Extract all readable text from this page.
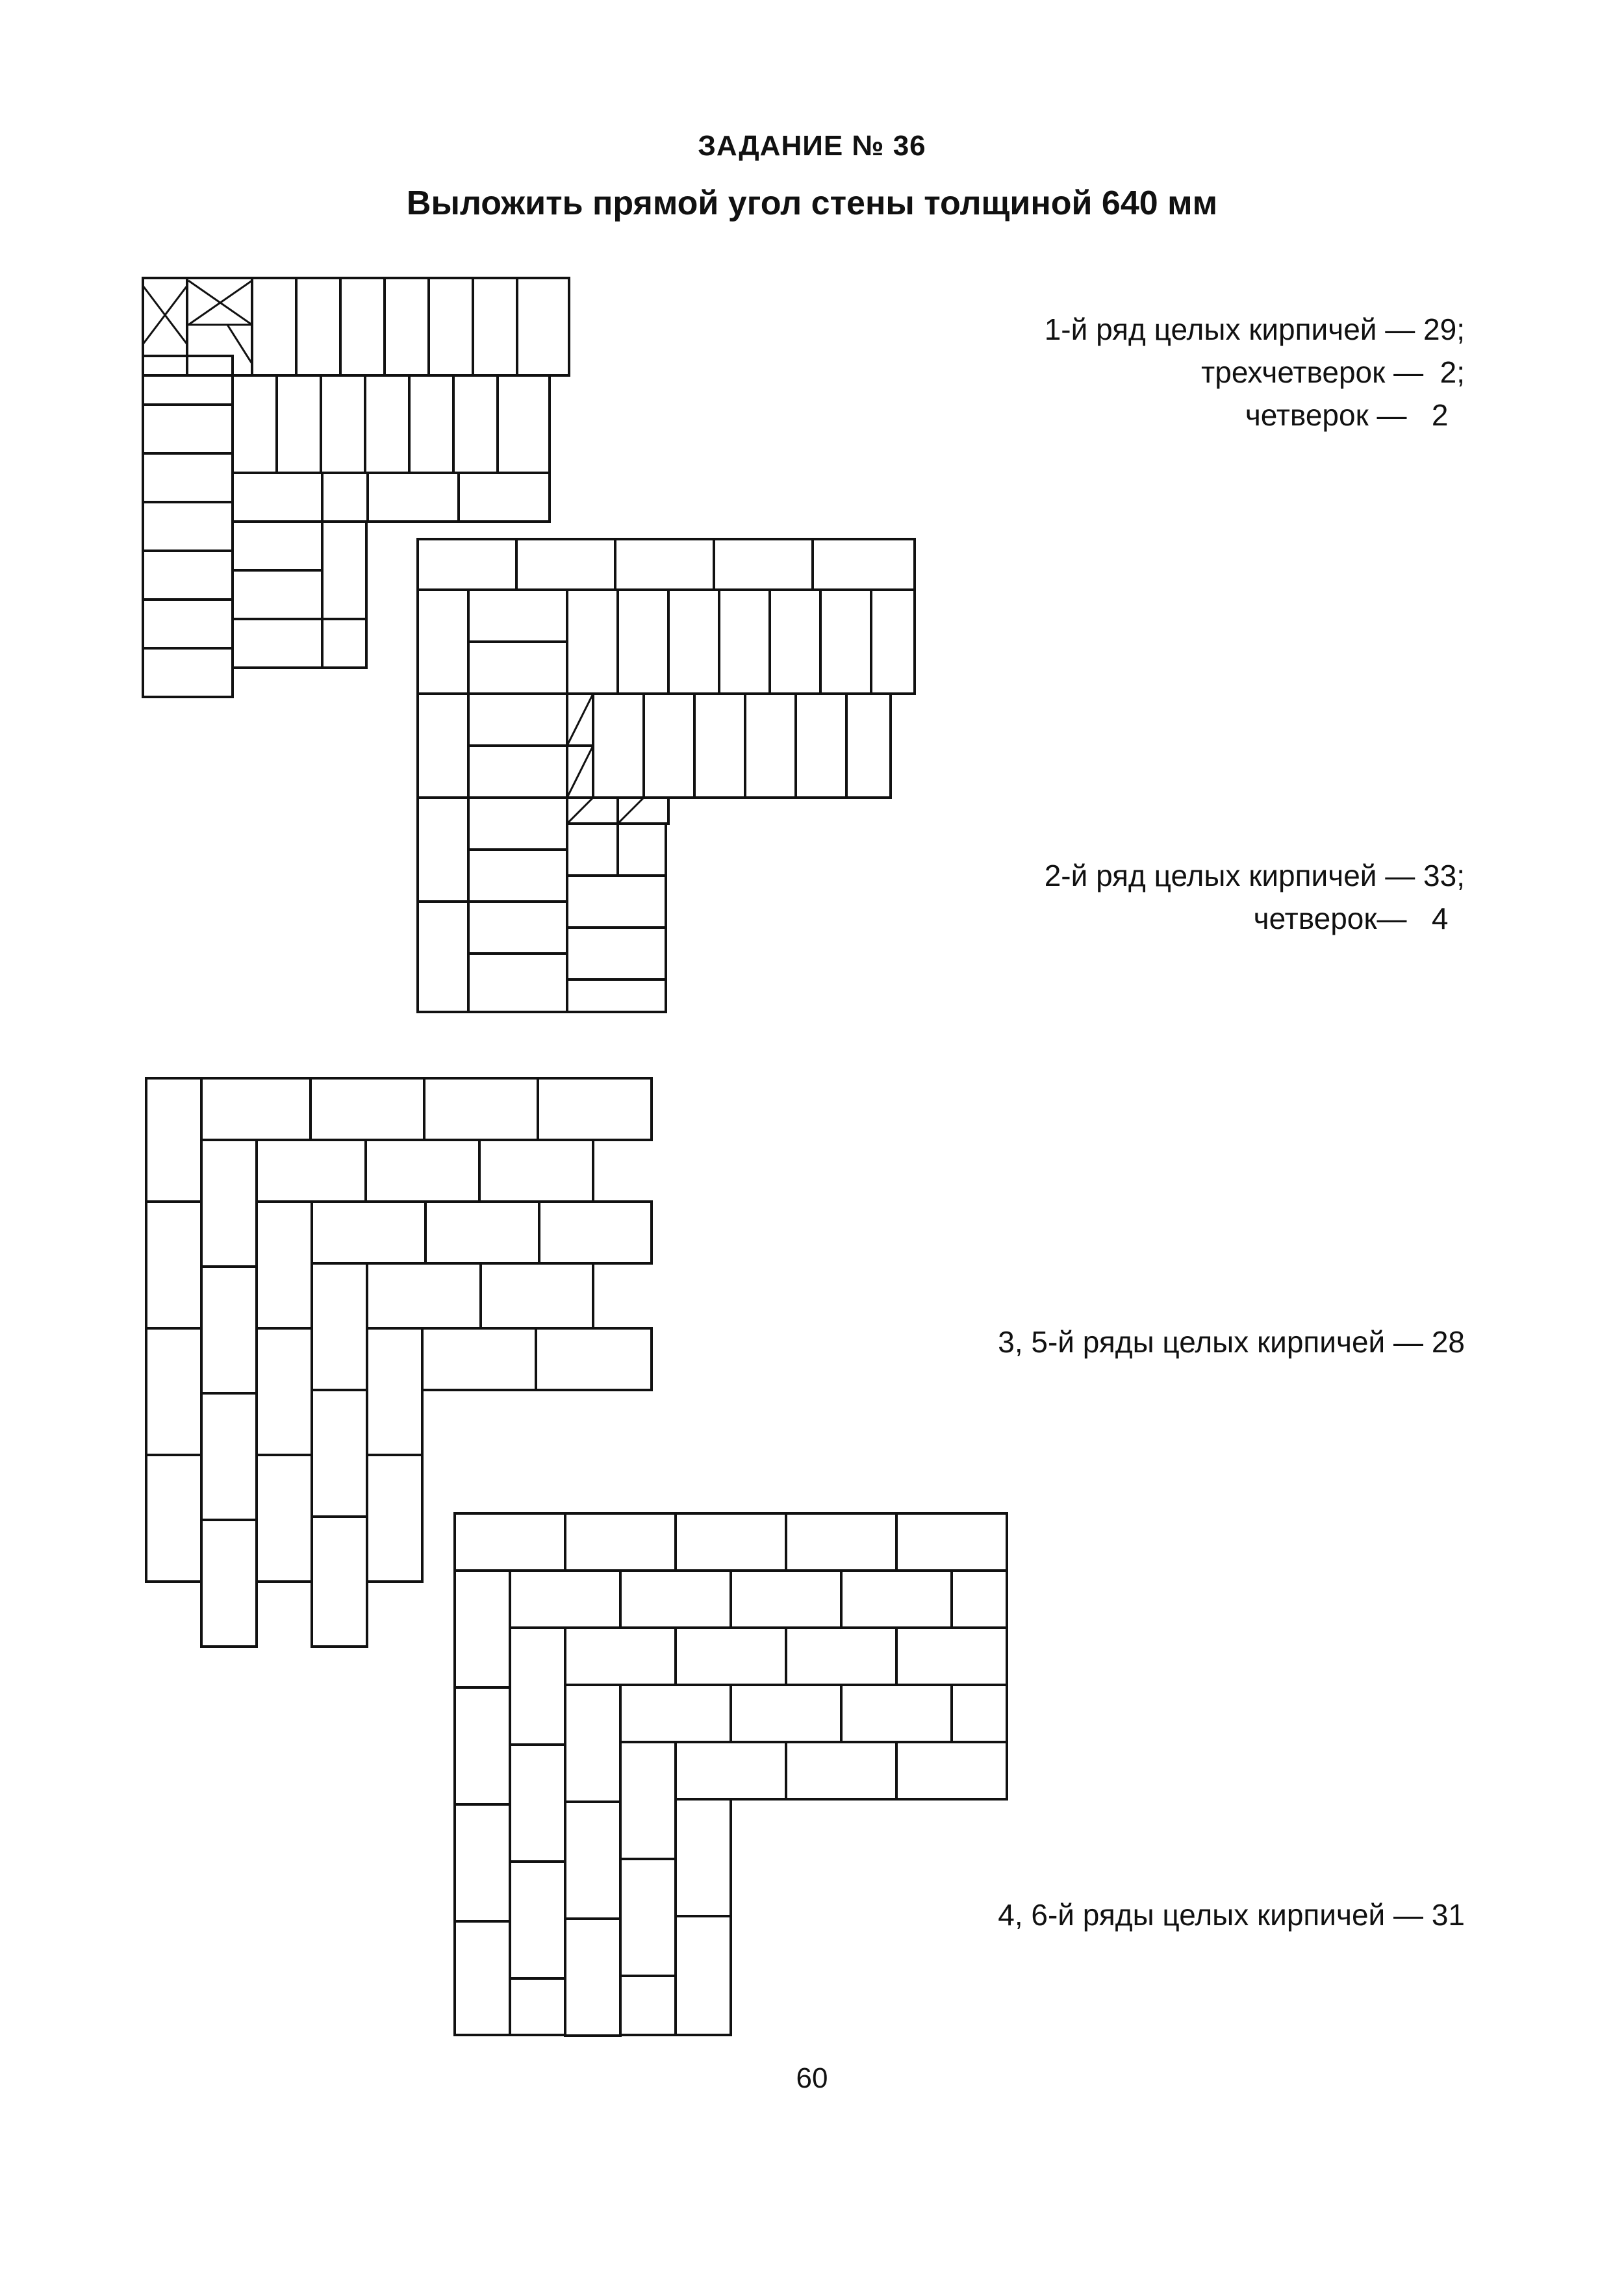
ЗАДАНИЕ № 36
Выложить прямой угол стены толщиной 640 мм
1-й ряд целых кирпичей — 29;
трехчетверок — 2;
четверок — 2
2-й ряд целых кирпичей — 33;
четверок— 4
3, 5-й ряды целых кирпичей — 28
4, 6-й ряды целых кирпичей — 31
60
